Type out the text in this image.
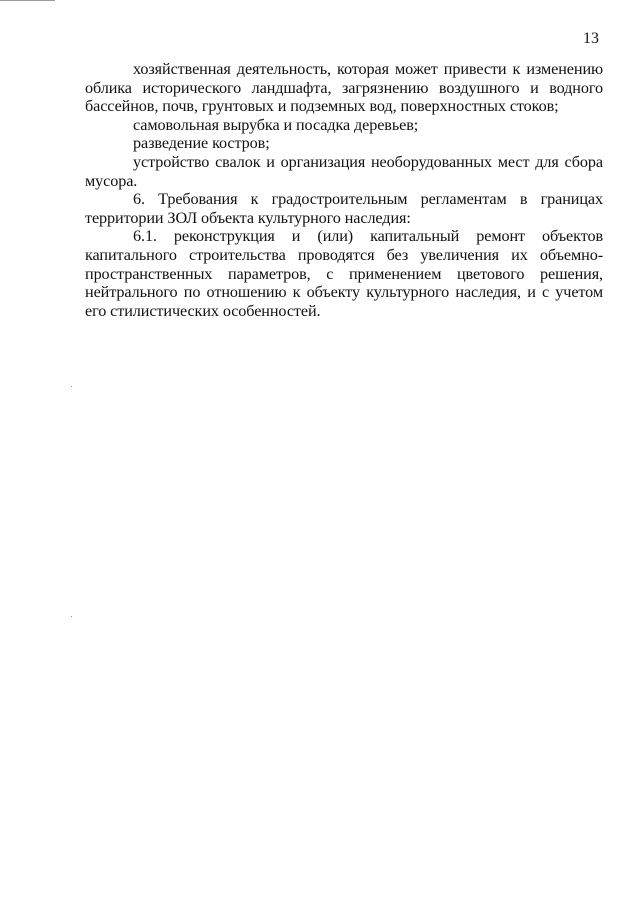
13

хозяйственная деятельность, которая может привести к изменению облика исторического ландшафта, загрязнению воздушного и водного бассейнов, почв, грунтовых и подземных вод, поверхностных стоков;

самовольная вырубка и посадка деревьев;

разведение костров;

устройство свалок и организация необорудованных мест для сбора мусора.

6. Требования к градостроительным регламентам в границах территории ЗОЛ объекта культурного наследия:

6.1. реконструкция и (или) капитальный ремонт объектов капитального строительства проводятся без увеличения их объемно-пространственных параметров, с применением цветового решения, нейтрального по отношению к объекту культурного наследия, и с учетом его стилистических особенностей.
